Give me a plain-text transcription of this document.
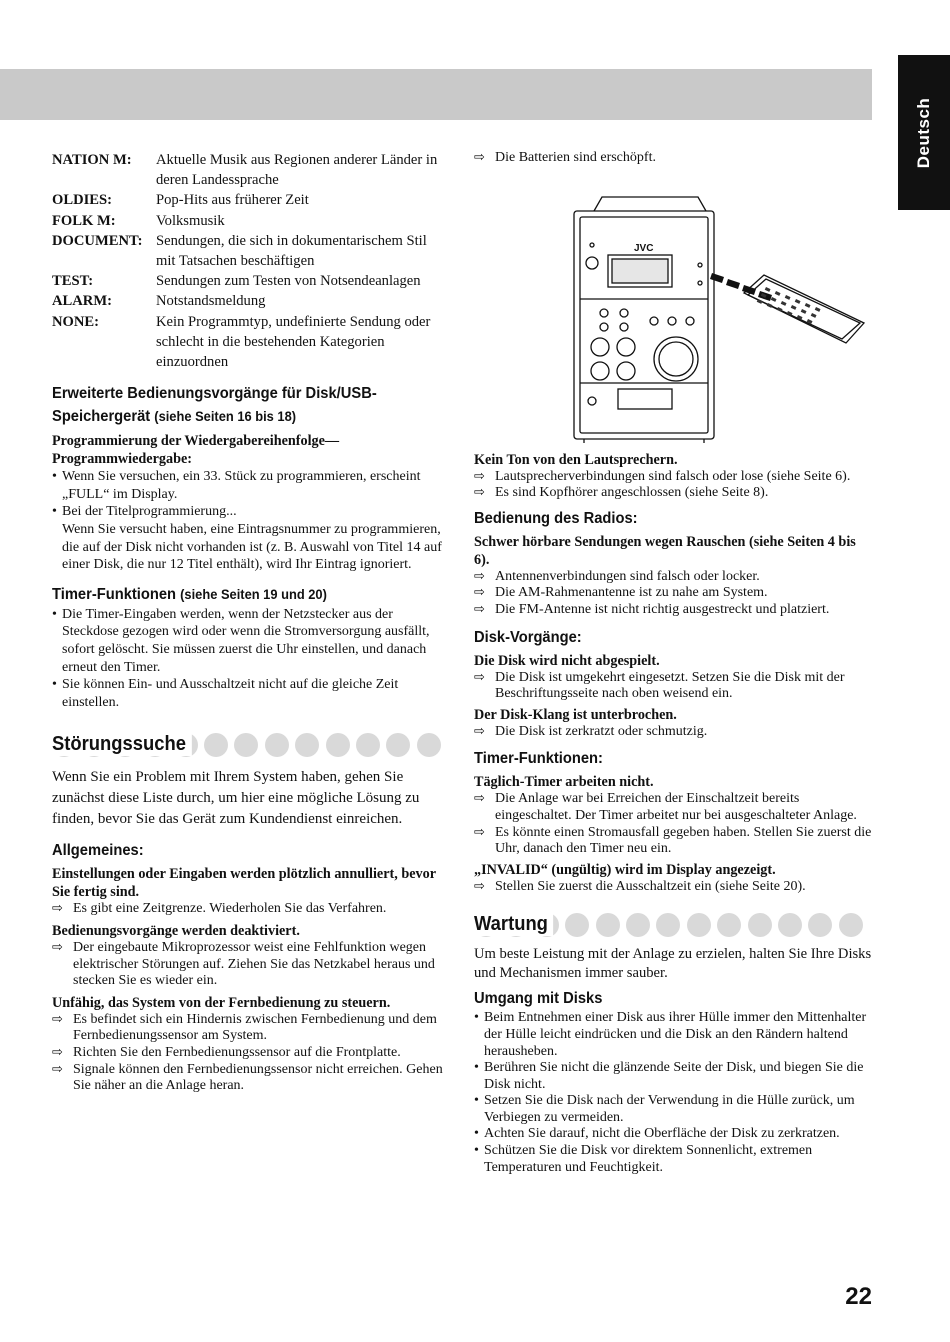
Deutsch
NATION M:	Aktuelle Musik aus Regionen anderer Länder in deren Landessprache
OLDIES:	Pop-Hits aus früherer Zeit
FOLK M:	Volksmusik
DOCUMENT: Sendungen, die sich in dokumentarischem Stil mit Tatsachen beschäftigen
TEST:	Sendungen zum Testen von Notsendeanlagen
ALARM:	Notstandsmeldung
NONE:	Kein Programmtyp, undefinierte Sendung oder schlecht in die bestehenden Kategorien einzuordnen
Erweiterte Bedienungsvorgänge für Disk/USB-
Speichergerät (siehe Seiten 16 bis 18)

Programmierung der Wiedergabereihenfolge—Programmwiedergabe:

• Wenn Sie versuchen, ein 33. Stück zu programmieren, erscheint „FULL“ im Display.

• Bei der Titelprogrammierung...

Wenn Sie versucht haben, eine Eintragsnummer zu programmieren, die auf der Disk nicht vorhanden ist (z. B. Auswahl von Titel 14 auf einer Disk, die nur 12 Titel enthält), wird Ihr Eintrag ignoriert.

Timer-Funktionen (siehe Seiten 19 und 20)

• Die Timer-Eingaben werden, wenn der Netzstecker aus der Steckdose gezogen wird oder wenn die Stromversorgung ausfällt, sofort gelöscht. Sie müssen zuerst die Uhr einstellen, und danach erneut den Timer.

• Sie können Ein- und Ausschaltzeit nicht auf die gleiche Zeit einstellen.

Störungssuche

Wenn Sie ein Problem mit Ihrem System haben, gehen Sie zunächst diese Liste durch, um hier eine mögliche Lösung zu finden, bevor Sie das Gerät zum Kundendienst einreichen.

Allgemeines:

Einstellungen oder Eingaben werden plötzlich annulliert, bevor Sie fertig sind.

⇨ Es gibt eine Zeitgrenze. Wiederholen Sie das Verfahren.

Bedienungsvorgänge werden deaktiviert.

⇨ Der eingebaute Mikroprozessor weist eine Fehlfunktion wegen elektrischer Störungen auf. Ziehen Sie das Netzkabel heraus und stecken Sie es wieder ein.

Unfähig, das System von der Fernbedienung zu steuern.

⇨ Es befindet sich ein Hindernis zwischen Fernbedienung und dem Fernbedienungssensor am System.

⇨ Richten Sie den Fernbedienungssensor auf die Frontplatte.

⇨ Signale können den Fernbedienungssensor nicht erreichen. Gehen Sie näher an die Anlage heran.

⇨ Die Batterien sind erschöpft.

JVC

Kein Ton von den Lautsprechern.

⇨ Lautsprecherverbindungen sind falsch oder lose (siehe Seite 6).

⇨ Es sind Kopfhörer angeschlossen (siehe Seite 8).

Bedienung des Radios:

Schwer hörbare Sendungen wegen Rauschen (siehe Seiten 4 bis 6).

⇨ Antennenverbindungen sind falsch oder locker.

⇨ Die AM-Rahmenantenne ist zu nahe am System.

⇨ Die FM-Antenne ist nicht richtig ausgestreckt und platziert.

Disk-Vorgänge:

Die Disk wird nicht abgespielt.

⇨ Die Disk ist umgekehrt eingesetzt. Setzen Sie die Disk mit der Beschriftungsseite nach oben weisend ein.

Der Disk-Klang ist unterbrochen.

⇨ Die Disk ist zerkratzt oder schmutzig.

Timer-Funktionen:

Täglich-Timer arbeiten nicht.

⇨ Die Anlage war bei Erreichen der Einschaltzeit bereits eingeschaltet. Der Timer arbeitet nur bei ausgeschalteter Anlage.

⇨ Es könnte einen Stromausfall gegeben haben. Stellen Sie zuerst die Uhr, danach den Timer neu ein.

„INVALID“ (ungültig) wird im Display angezeigt.

⇨ Stellen Sie zuerst die Ausschaltzeit ein (siehe Seite 20).

Wartung

Um beste Leistung mit der Anlage zu erzielen, halten Sie Ihre Disks und Mechanismen immer sauber.

Umgang mit Disks

• Beim Entnehmen einer Disk aus ihrer Hülle immer den Mittenhalter der Hülle leicht eindrücken und die Disk an den Rändern haltend herausheben.

• Berühren Sie nicht die glänzende Seite der Disk, und biegen Sie die Disk nicht.

• Setzen Sie die Disk nach der Verwendung in die Hülle zurück, um Verbiegen zu vermeiden.

• Achten Sie darauf, nicht die Oberfläche der Disk zu zerkratzen.

• Schützen Sie die Disk vor direktem Sonnenlicht, extremen Temperaturen und Feuchtigkeit.

22
